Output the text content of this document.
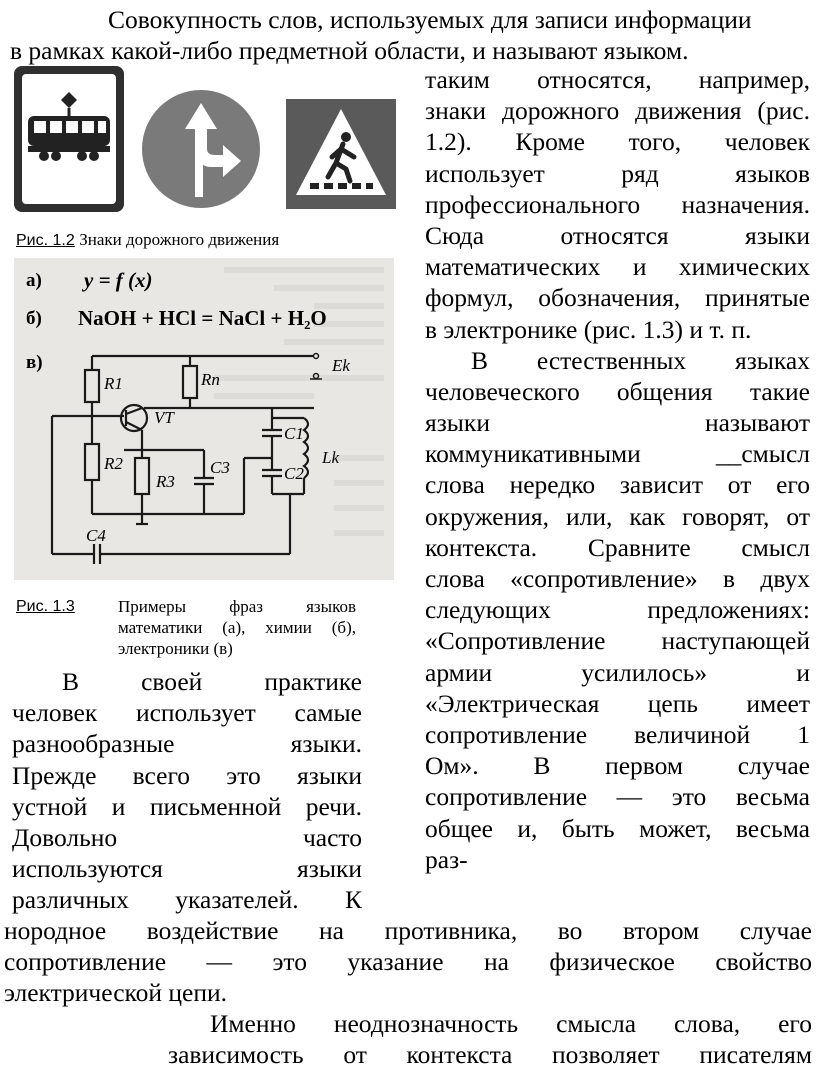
Совокупность слов, используемых для записи информации
в рамках какой-либо предметной области, и называют языком.
Рис. 1.2 Знаки дорожного движения
а) y = f (x)
б) NaOH + HCl = NaCl + H₂O
в)
R1	Rn
Ek
VT
C1
C2
Lk
R2
R3
C3
C4
Рис. 1.3	Примеры фраз языков
математики (а), химии (б),
электроники (в)
таким относятся, например,
знаки дорожного движения (рис.
1.2). Кроме того, человек
использует ряд языков
профессионального назначения.
Сюда относятся языки
математических и химических
формул, обозначения, принятые
в электронике (рис. 1.3) и т. п.
В естественных языках
человеческого общения такие
языки называют
коммуникативными __смысл
слова нередко зависит от его
окружения, или, как говорят, от
контекста. Сравните смысл
слова «сопротивление» в двух
следующих предложениях:
«Сопротивление наступающей
армии усилилось» и
«Электрическая цепь имеет
сопротивление величиной 1
Ом». В первом случае
сопротивление — это весьма
общее и, быть может, весьма
раз-
В своей практике
человек использует самые
разнообразные языки.
Прежде всего это языки
устной и письменной речи.
Довольно часто
используются языки
различных указателей. К
нородное воздействие на противника, во втором случае
сопротивление — это указание на физическое свойство
электрической цепи.
Именно неоднозначность смысла слова, его
зависимость от контекста позволяет писателям
